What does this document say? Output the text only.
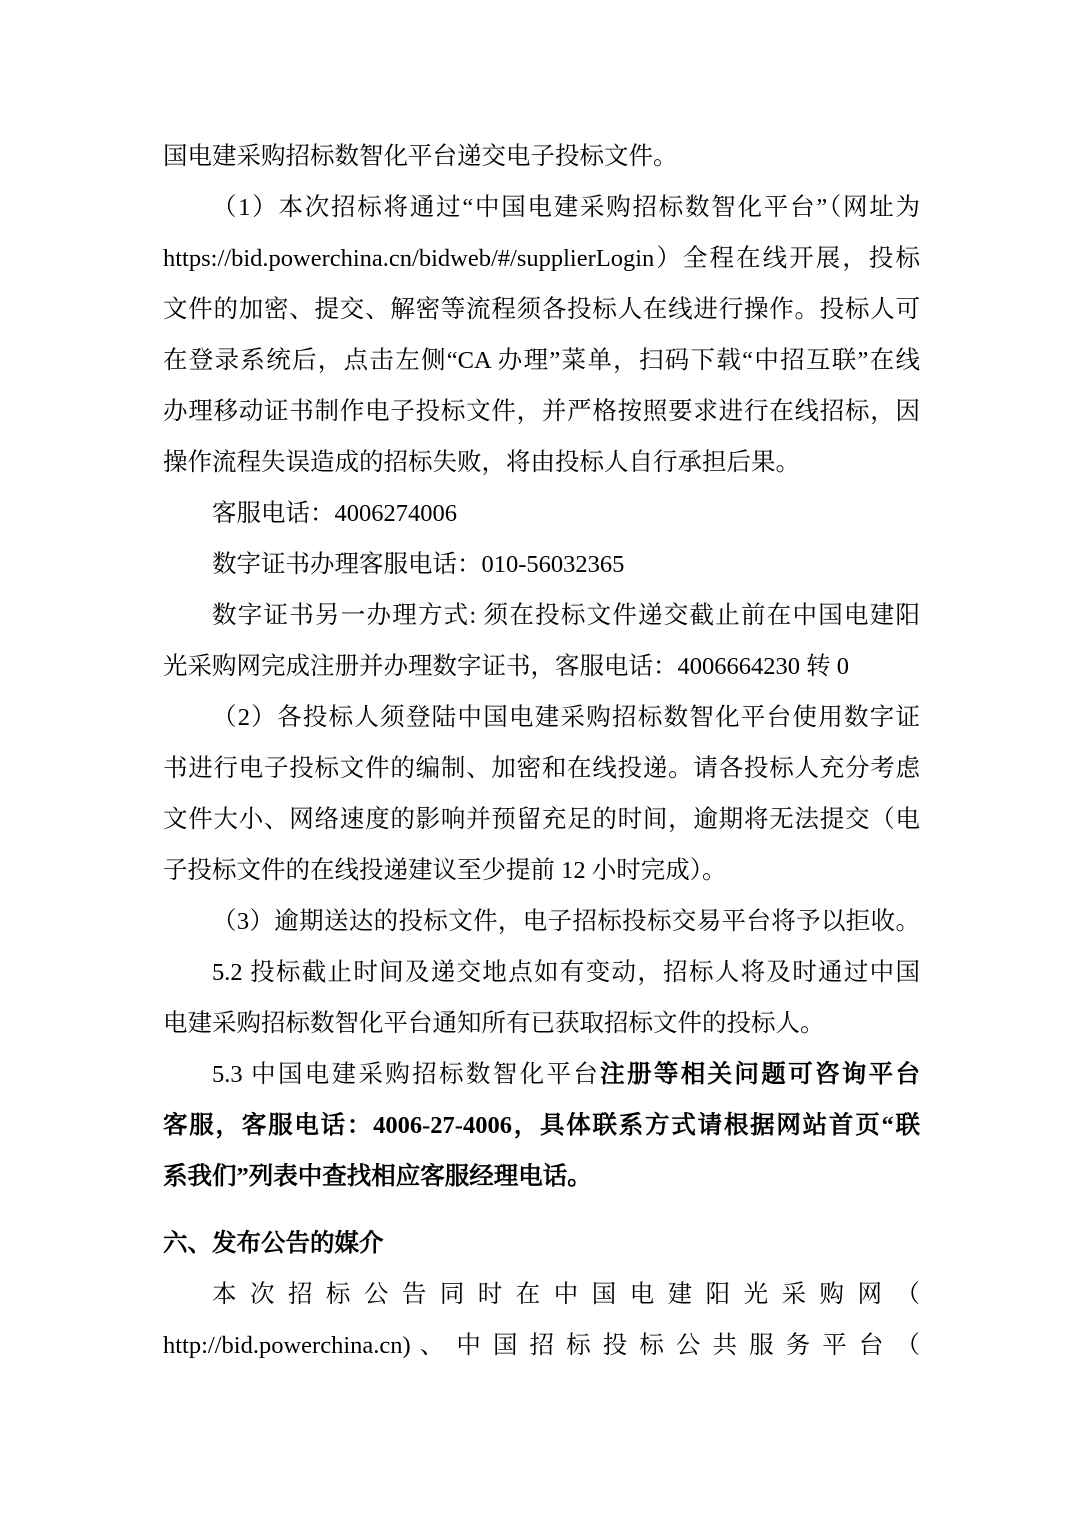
国电建采购招标数智化平台递交电子投标文件。
（1）本次招标将通过“中国电建采购招标数智化平台”（网址为
https://bid.powerchina.cn/bidweb/#/supplierLogin）全程在线开展，投标
文件的加密、提交、解密等流程须各投标人在线进行操作。投标人可
在登录系统后，点击左侧“CA 办理”菜单，扫码下载“中招互联”在线
办理移动证书制作电子投标文件，并严格按照要求进行在线招标，因
操作流程失误造成的招标失败，将由投标人自行承担后果。
客服电话：4006274006
数字证书办理客服电话：010-56032365
数字证书另一办理方式: 须在投标文件递交截止前在中国电建阳
光采购网完成注册并办理数字证书，客服电话：4006664230 转 0
（2）各投标人须登陆中国电建采购招标数智化平台使用数字证
书进行电子投标文件的编制、加密和在线投递。请各投标人充分考虑
文件大小、网络速度的影响并预留充足的时间，逾期将无法提交（电
子投标文件的在线投递建议至少提前 12 小时完成）。
（3）逾期送达的投标文件，电子招标投标交易平台将予以拒收。
5.2 投标截止时间及递交地点如有变动，招标人将及时通过中国
电建采购招标数智化平台通知所有已获取招标文件的投标人。
5.3 中国电建采购招标数智化平台注册等相关问题可咨询平台
客服，客服电话：4006-27-4006，具体联系方式请根据网站首页“联
系我们”列表中查找相应客服经理电话。
六、发布公告的媒介
本 次 招 标 公 告 同 时 在 中 国 电 建 阳 光 采 购 网 （
http://bid.powerchina.cn) 、 中 国 招 标 投 标 公 共 服 务 平 台 （
